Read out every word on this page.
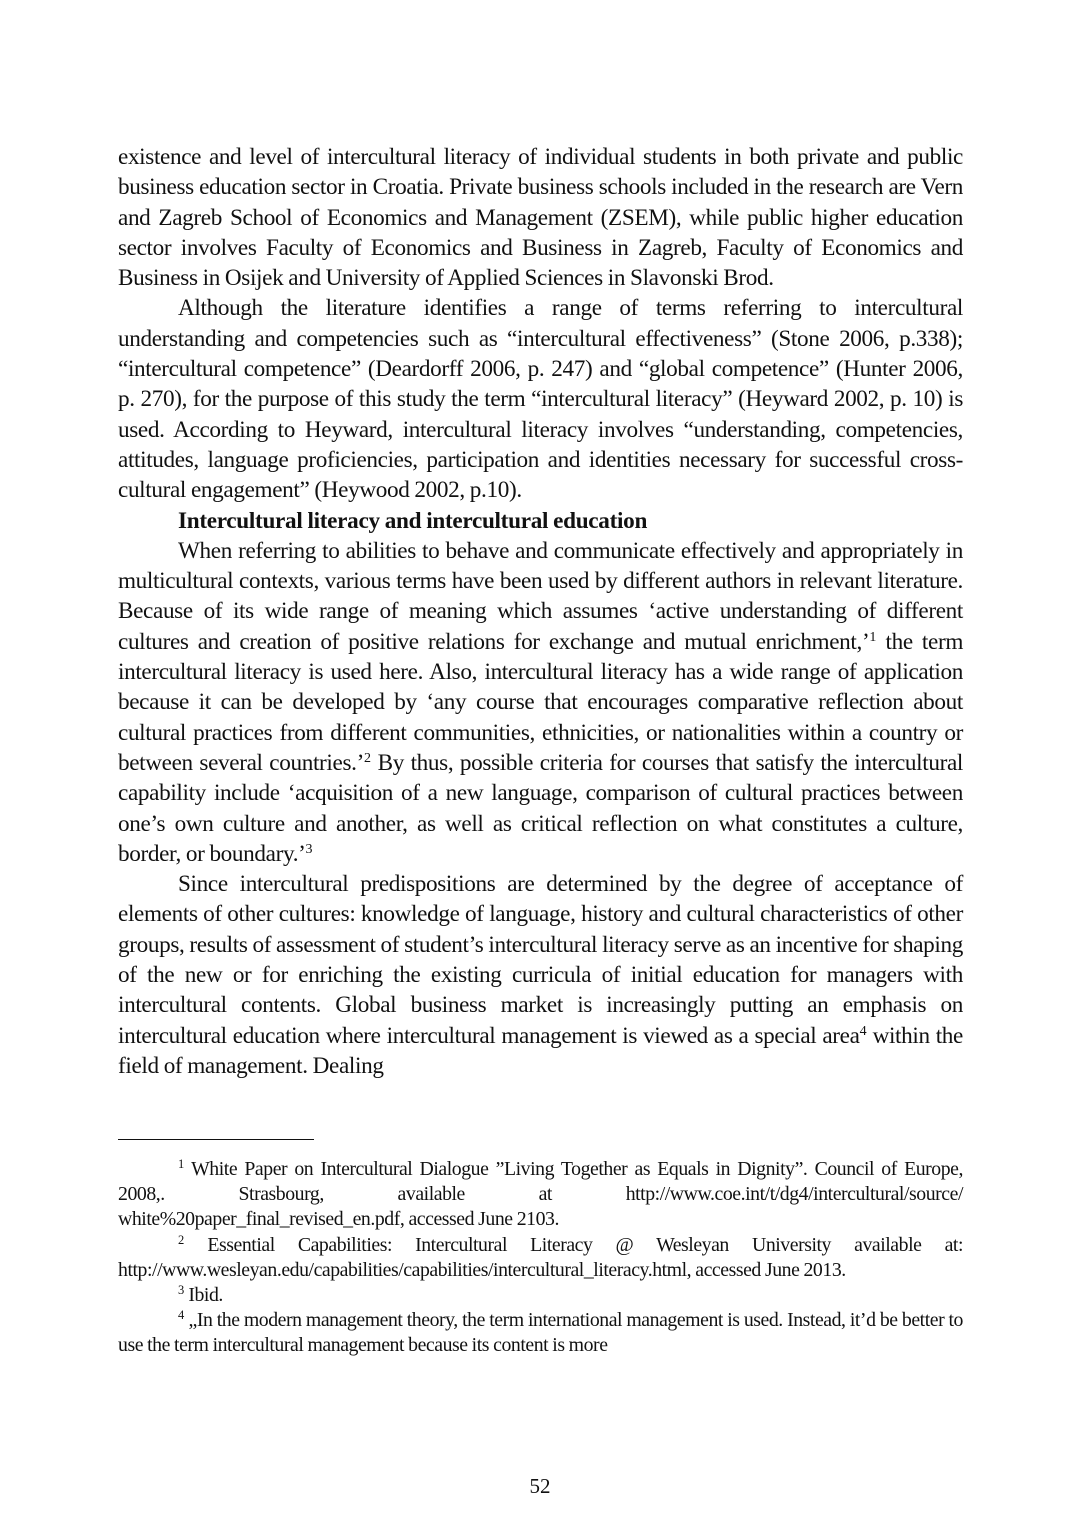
existence and level of intercultural literacy of individual students in both private and public business education sector in Croatia. Private business schools included in the research are Vern and Zagreb School of Economics and Management (ZSEM), while public higher education sector involves Faculty of Economics and Business in Zagreb, Faculty of Economics and Business in Osijek and University of Applied Sciences in Slavonski Brod.

Although the literature identifies a range of terms referring to intercultural understanding and competencies such as “intercultural effectiveness” (Stone 2006, p.338); “intercultural competence” (Deardorff 2006, p. 247) and “global competence” (Hunter 2006, p. 270), for the purpose of this study the term “intercultural literacy” (Heyward 2002, p. 10) is used. According to Heyward, intercultural literacy involves “understanding, competencies, attitudes, language proficiencies, participation and identities necessary for successful cross-cultural engagement” (Heywood 2002, p.10).

Intercultural literacy and intercultural education

When referring to abilities to behave and communicate effectively and appropriately in multicultural contexts, various terms have been used by different authors in relevant literature. Because of its wide range of meaning which assumes ‘active understanding of different cultures and creation of positive relations for exchange and mutual enrichment,’$^1$ the term intercultural literacy is used here. Also, intercultural literacy has a wide range of application because it can be developed by ‘any course that encourages comparative reflection about cultural practices from different communities, ethnicities, or nationalities within a country or between several countries.’$^2$ By thus, possible criteria for courses that satisfy the intercultural capability include ‘acquisition of a new language, comparison of cultural practices between one’s own culture and another, as well as critical reflection on what constitutes a culture, border, or boundary.’$^3$

Since intercultural predispositions are determined by the degree of acceptance of elements of other cultures: knowledge of language, history and cultural characteristics of other groups, results of assessment of student’s intercultural literacy serve as an incentive for shaping of the new or for enriching the existing curricula of initial education for managers with intercultural contents. Global business market is increasingly putting an emphasis on intercultural education where intercultural management is viewed as a special area$^4$ within the field of management. Dealing

$^1$ White Paper on Intercultural Dialogue ”Living Together as Equals in Dignity”. Council of Europe, 2008,. Strasbourg, available at http://www.coe.int/t/dg4/intercultural/source/ white%20paper_final_revised_en.pdf, accessed June 2103.

$^2$ Essential Capabilities: Intercultural Literacy @ Wesleyan University available at: http://www.wesleyan.edu/capabilities/capabilities/intercultural_literacy.html, accessed June 2013.

$^3$ Ibid.

$^4$ „In the modern management theory, the term international management is used. Instead, it’d be better to use the term intercultural management because its content is more

52
